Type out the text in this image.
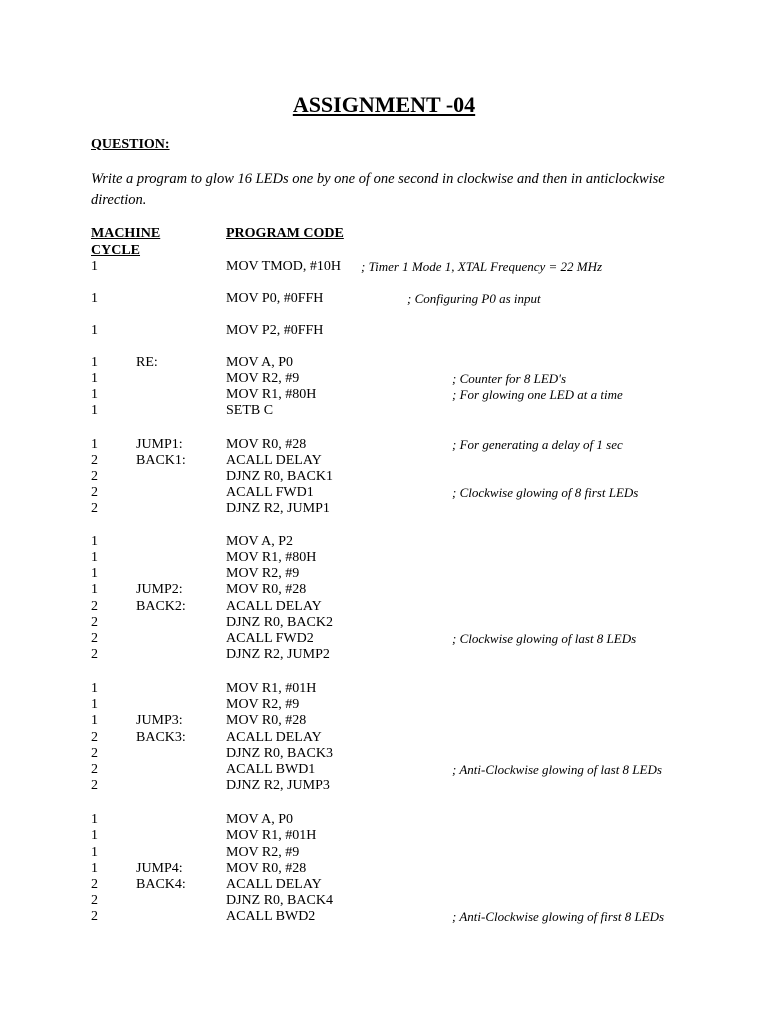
ASSIGNMENT -04
QUESTION:
Write a program to glow 16 LEDs one by one of one second in clockwise and then in anticlockwise direction.
MACHINE
CYCLE
PROGRAM CODE
1	MOV TMOD, #10H ; Timer 1 Mode 1, XTAL Frequency = 22 MHz
1	MOV P0, #0FFH	; Configuring P0 as input
1	MOV P2, #0FFH
1	RE:	MOV A, P0
1	MOV R2, #9	; Counter for 8 LED's
1	MOV R1, #80H	; For glowing one LED at a time
1	SETB C
1	JUMP1:	MOV R0, #28	; For generating a delay of 1 sec
2	BACK1:	ACALL DELAY
2	DJNZ R0, BACK1
2	ACALL FWD1	; Clockwise glowing of 8 first LEDs
2	DJNZ R2, JUMP1
1	MOV A, P2
1	MOV R1, #80H
1	MOV R2, #9
1	JUMP2:	MOV R0, #28
2	BACK2:	ACALL DELAY
2	DJNZ R0, BACK2
2	ACALL FWD2	; Clockwise glowing of last 8 LEDs
2	DJNZ R2, JUMP2
1	MOV R1, #01H
1	MOV R2, #9
1	JUMP3:	MOV R0, #28
2	BACK3:	ACALL DELAY
2	DJNZ R0, BACK3
2	ACALL BWD1	; Anti-Clockwise glowing of last 8 LEDs
2	DJNZ R2, JUMP3
1	MOV A, P0
1	MOV R1, #01H
1	MOV R2, #9
1	JUMP4:	MOV R0, #28
2	BACK4:	ACALL DELAY
2	DJNZ R0, BACK4
2	ACALL BWD2	; Anti-Clockwise glowing of first 8 LEDs
